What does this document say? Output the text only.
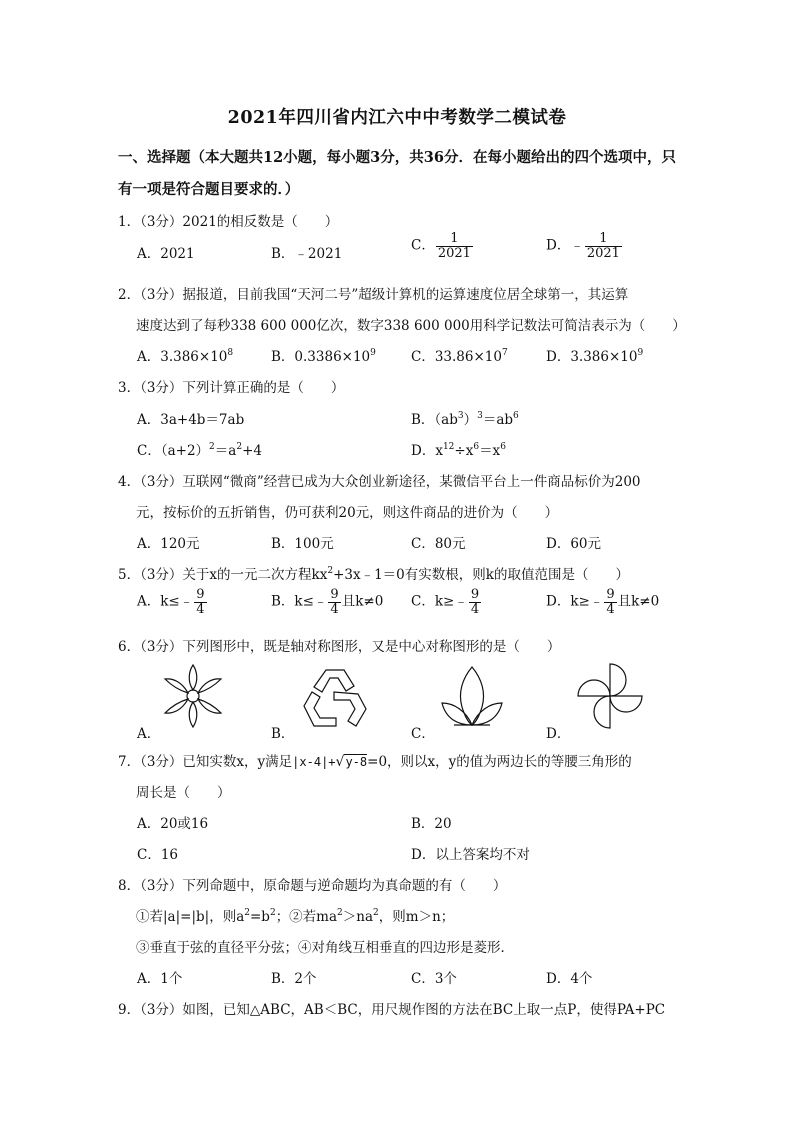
2021年四川省内江六中中考数学二模试卷
一、选择题（本大题共12小题，每小题3分，共36分．在每小题给出的四个选项中，只
有一项是符合题目要求的．）
1．（3分）2021的相反数是（　　）
A．2021	B．﹣2021
C． $\frac{1}{2021}$	D．﹣ $\frac{1}{2021}$
2．（3分）据报道，目前我国“天河二号”超级计算机的运算速度位居全球第一，其运算
速度达到了每秒338 600 000亿次，数字338 600 000用科学记数法可简洁表示为（　　）
A．$3.386\times 10^8$	B．$0.3386\times 10^9$	C．$33.86\times 10^7$	D．$3.386\times 10^9$
3．（3分）下列计算正确的是（　　）
A．3a+4b＝7ab	B．$(ab^3)^3=ab^6$
C．$(a+2)^2=a^2+4$	D．$x^{12}\div x^6=x^6$
4．（3分）互联网“微商”经营已成为大众创业新途径，某微信平台上一件商品标价为200
元，按标价的五折销售，仍可获利20元，则这件商品的进价为（　　）
A．120元	B．100元	C．80元	D．60元
5．（3分）关于x的一元二次方程$kx^2+3x﹣1=0$有实数根，则k的取值范围是（　　）
A．k≤﹣ $\frac{9}{4}$	B．k≤﹣ $\frac{9}{4}$ 且k≠0 C．k≥﹣ $\frac{9}{4}$	D．k≥﹣ $\frac{9}{4}$ 且k≠0
6．（3分）下列图形中，既是轴对称图形，又是中心对称图形的是（　　）
A．	B．	C．	D．
7．（3分）已知实数x，y满足|x-4|+√y-8=0，则以x，y的值为两边长的等腰三角形的
周长是（　　）
A．20或16	B．20
C．16	D．以上答案均不对
8．（3分）下列命题中，原命题与逆命题均为真命题的有（　　）
①若|a|=|b|，则$a^2=b^2$；②若$ma^2>na^2$，则m＞n；
③垂直于弦的直径平分弦；④对角线互相垂直的四边形是菱形．
A．1个	B．2个	C．3个	D．4个
9．（3分）如图，已知△ABC，AB＜BC，用尺规作图的方法在BC上取一点P，使得PA+PC
